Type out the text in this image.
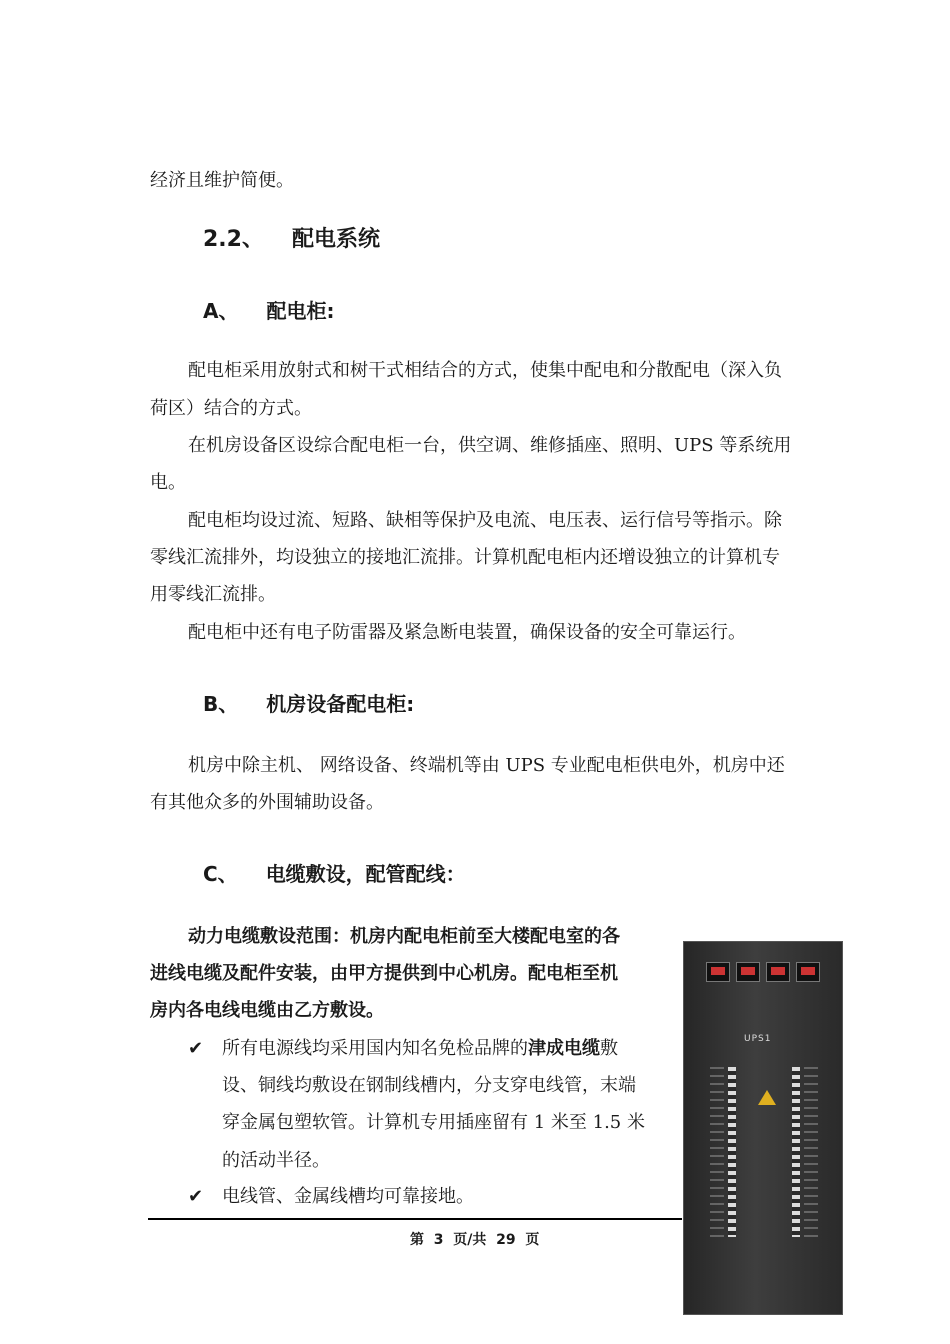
经济且维护简便。
2.2、 配电系统
A、 配电柜:
配电柜采用放射式和树干式相结合的方式，使集中配电和分散配电（深入负
荷区）结合的方式。
在机房设备区设综合配电柜一台，供空调、维修插座、照明、UPS 等系统用
电。
配电柜均设过流、短路、缺相等保护及电流、电压表、运行信号等指示。除
零线汇流排外，均设独立的接地汇流排。计算机配电柜内还增设独立的计算机专
用零线汇流排。
配电柜中还有电子防雷器及紧急断电装置，确保设备的安全可靠运行。
B、 机房设备配电柜:
机房中除主机、 网络设备、终端机等由 UPS 专业配电柜供电外，机房中还
有其他众多的外围辅助设备。
C、 电缆敷设，配管配线：
动力电缆敷设范围：机房内配电柜前至大楼配电室的各
进线电缆及配件安装，由甲方提供到中心机房。配电柜至机
房内各电线电缆由乙方敷设。
✔ 所有电源线均采用国内知名免检品牌的津成电缆敷
设、铜线均敷设在钢制线槽内，分支穿电线管，末端
穿金属包塑软管。计算机专用插座留有 1 米至 1.5 米
的活动半径。
✔ 电线管、金属线槽均可靠接地。
第  3  页/共  29  页
UPS1
